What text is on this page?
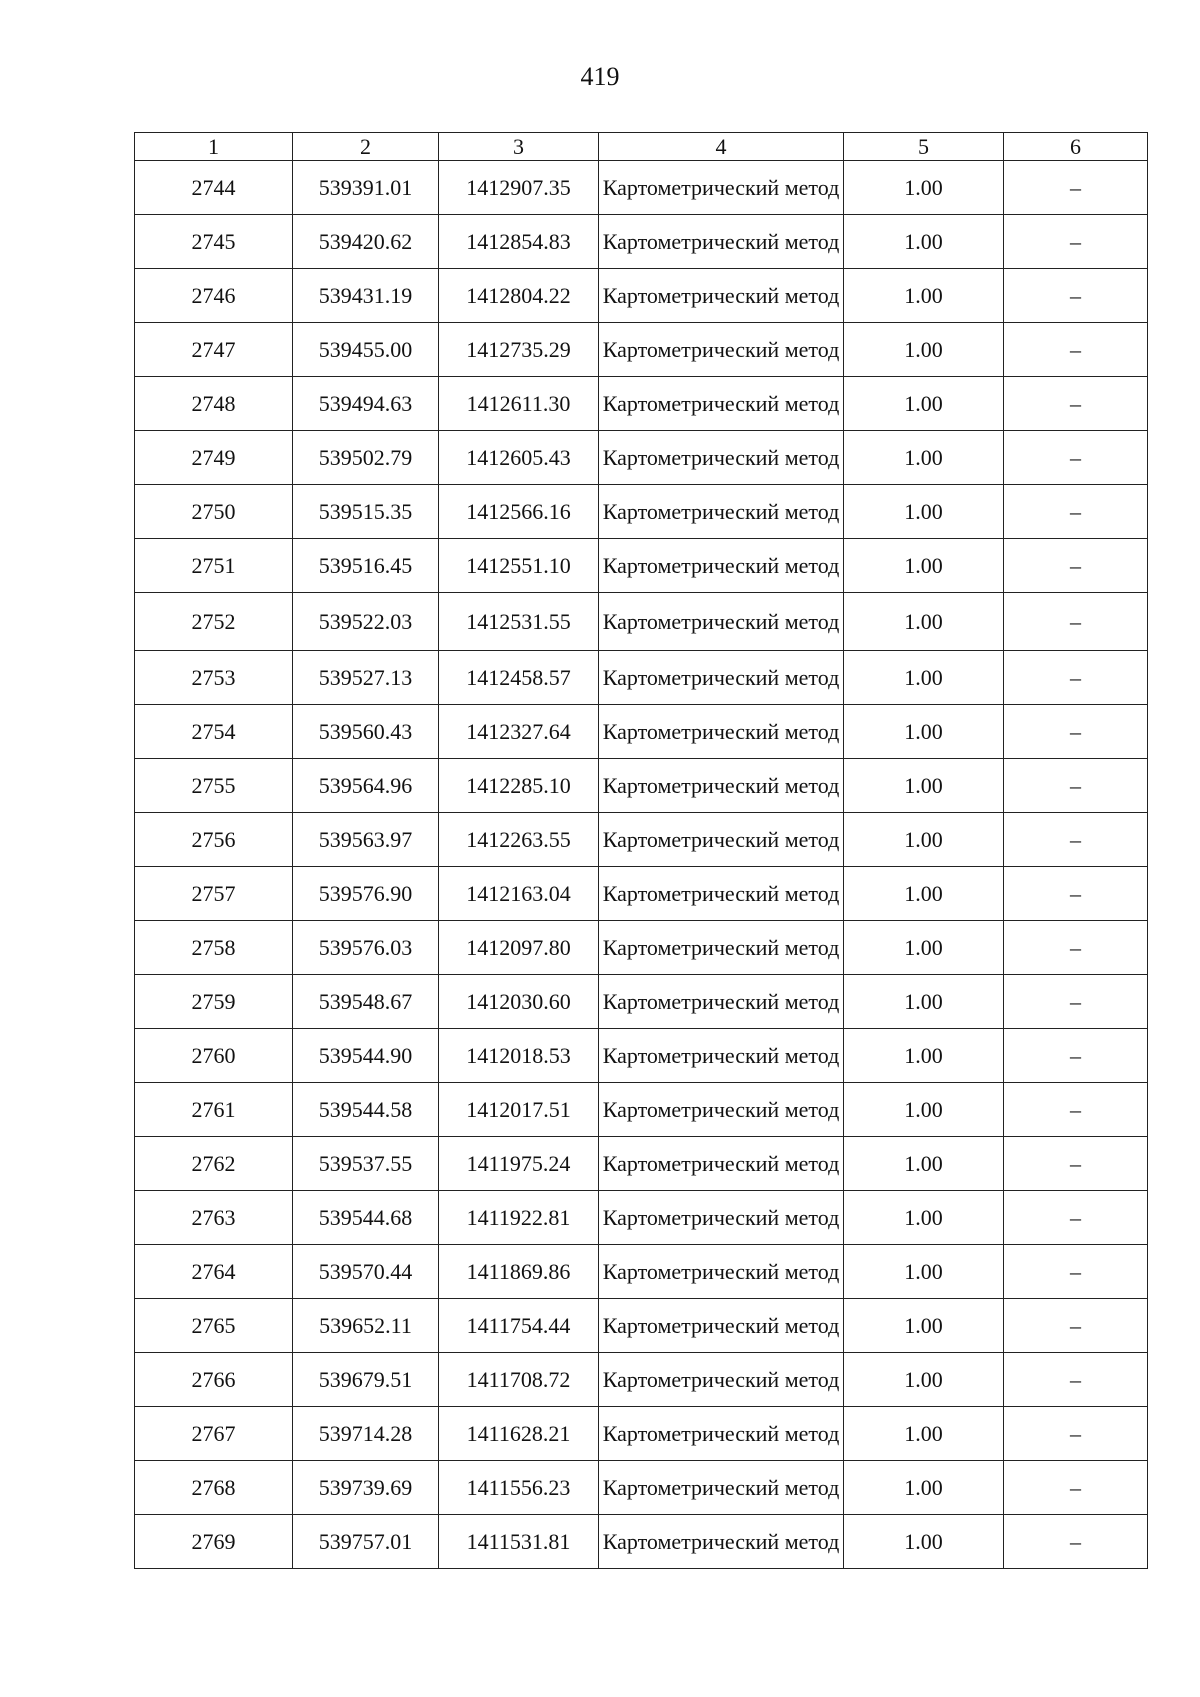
419
1	2	3	4	5	6
2744	539391.01	1412907.35	Картометрический метод	1.00	–
2745	539420.62	1412854.83	Картометрический метод	1.00	–
2746	539431.19	1412804.22	Картометрический метод	1.00	–
2747	539455.00	1412735.29	Картометрический метод	1.00	–
2748	539494.63	1412611.30	Картометрический метод	1.00	–
2749	539502.79	1412605.43	Картометрический метод	1.00	–
2750	539515.35	1412566.16	Картометрический метод	1.00	–
2751	539516.45	1412551.10	Картометрический метод	1.00	–
2752	539522.03	1412531.55	Картометрический метод	1.00	–
2753	539527.13	1412458.57	Картометрический метод	1.00	–
2754	539560.43	1412327.64	Картометрический метод	1.00	–
2755	539564.96	1412285.10	Картометрический метод	1.00	–
2756	539563.97	1412263.55	Картометрический метод	1.00	–
2757	539576.90	1412163.04	Картометрический метод	1.00	–
2758	539576.03	1412097.80	Картометрический метод	1.00	–
2759	539548.67	1412030.60	Картометрический метод	1.00	–
2760	539544.90	1412018.53	Картометрический метод	1.00	–
2761	539544.58	1412017.51	Картометрический метод	1.00	–
2762	539537.55	1411975.24	Картометрический метод	1.00	–
2763	539544.68	1411922.81	Картометрический метод	1.00	–
2764	539570.44	1411869.86	Картометрический метод	1.00	–
2765	539652.11	1411754.44	Картометрический метод	1.00	–
2766	539679.51	1411708.72	Картометрический метод	1.00	–
2767	539714.28	1411628.21	Картометрический метод	1.00	–
2768	539739.69	1411556.23	Картометрический метод	1.00	–
2769	539757.01	1411531.81	Картометрический метод	1.00	–
